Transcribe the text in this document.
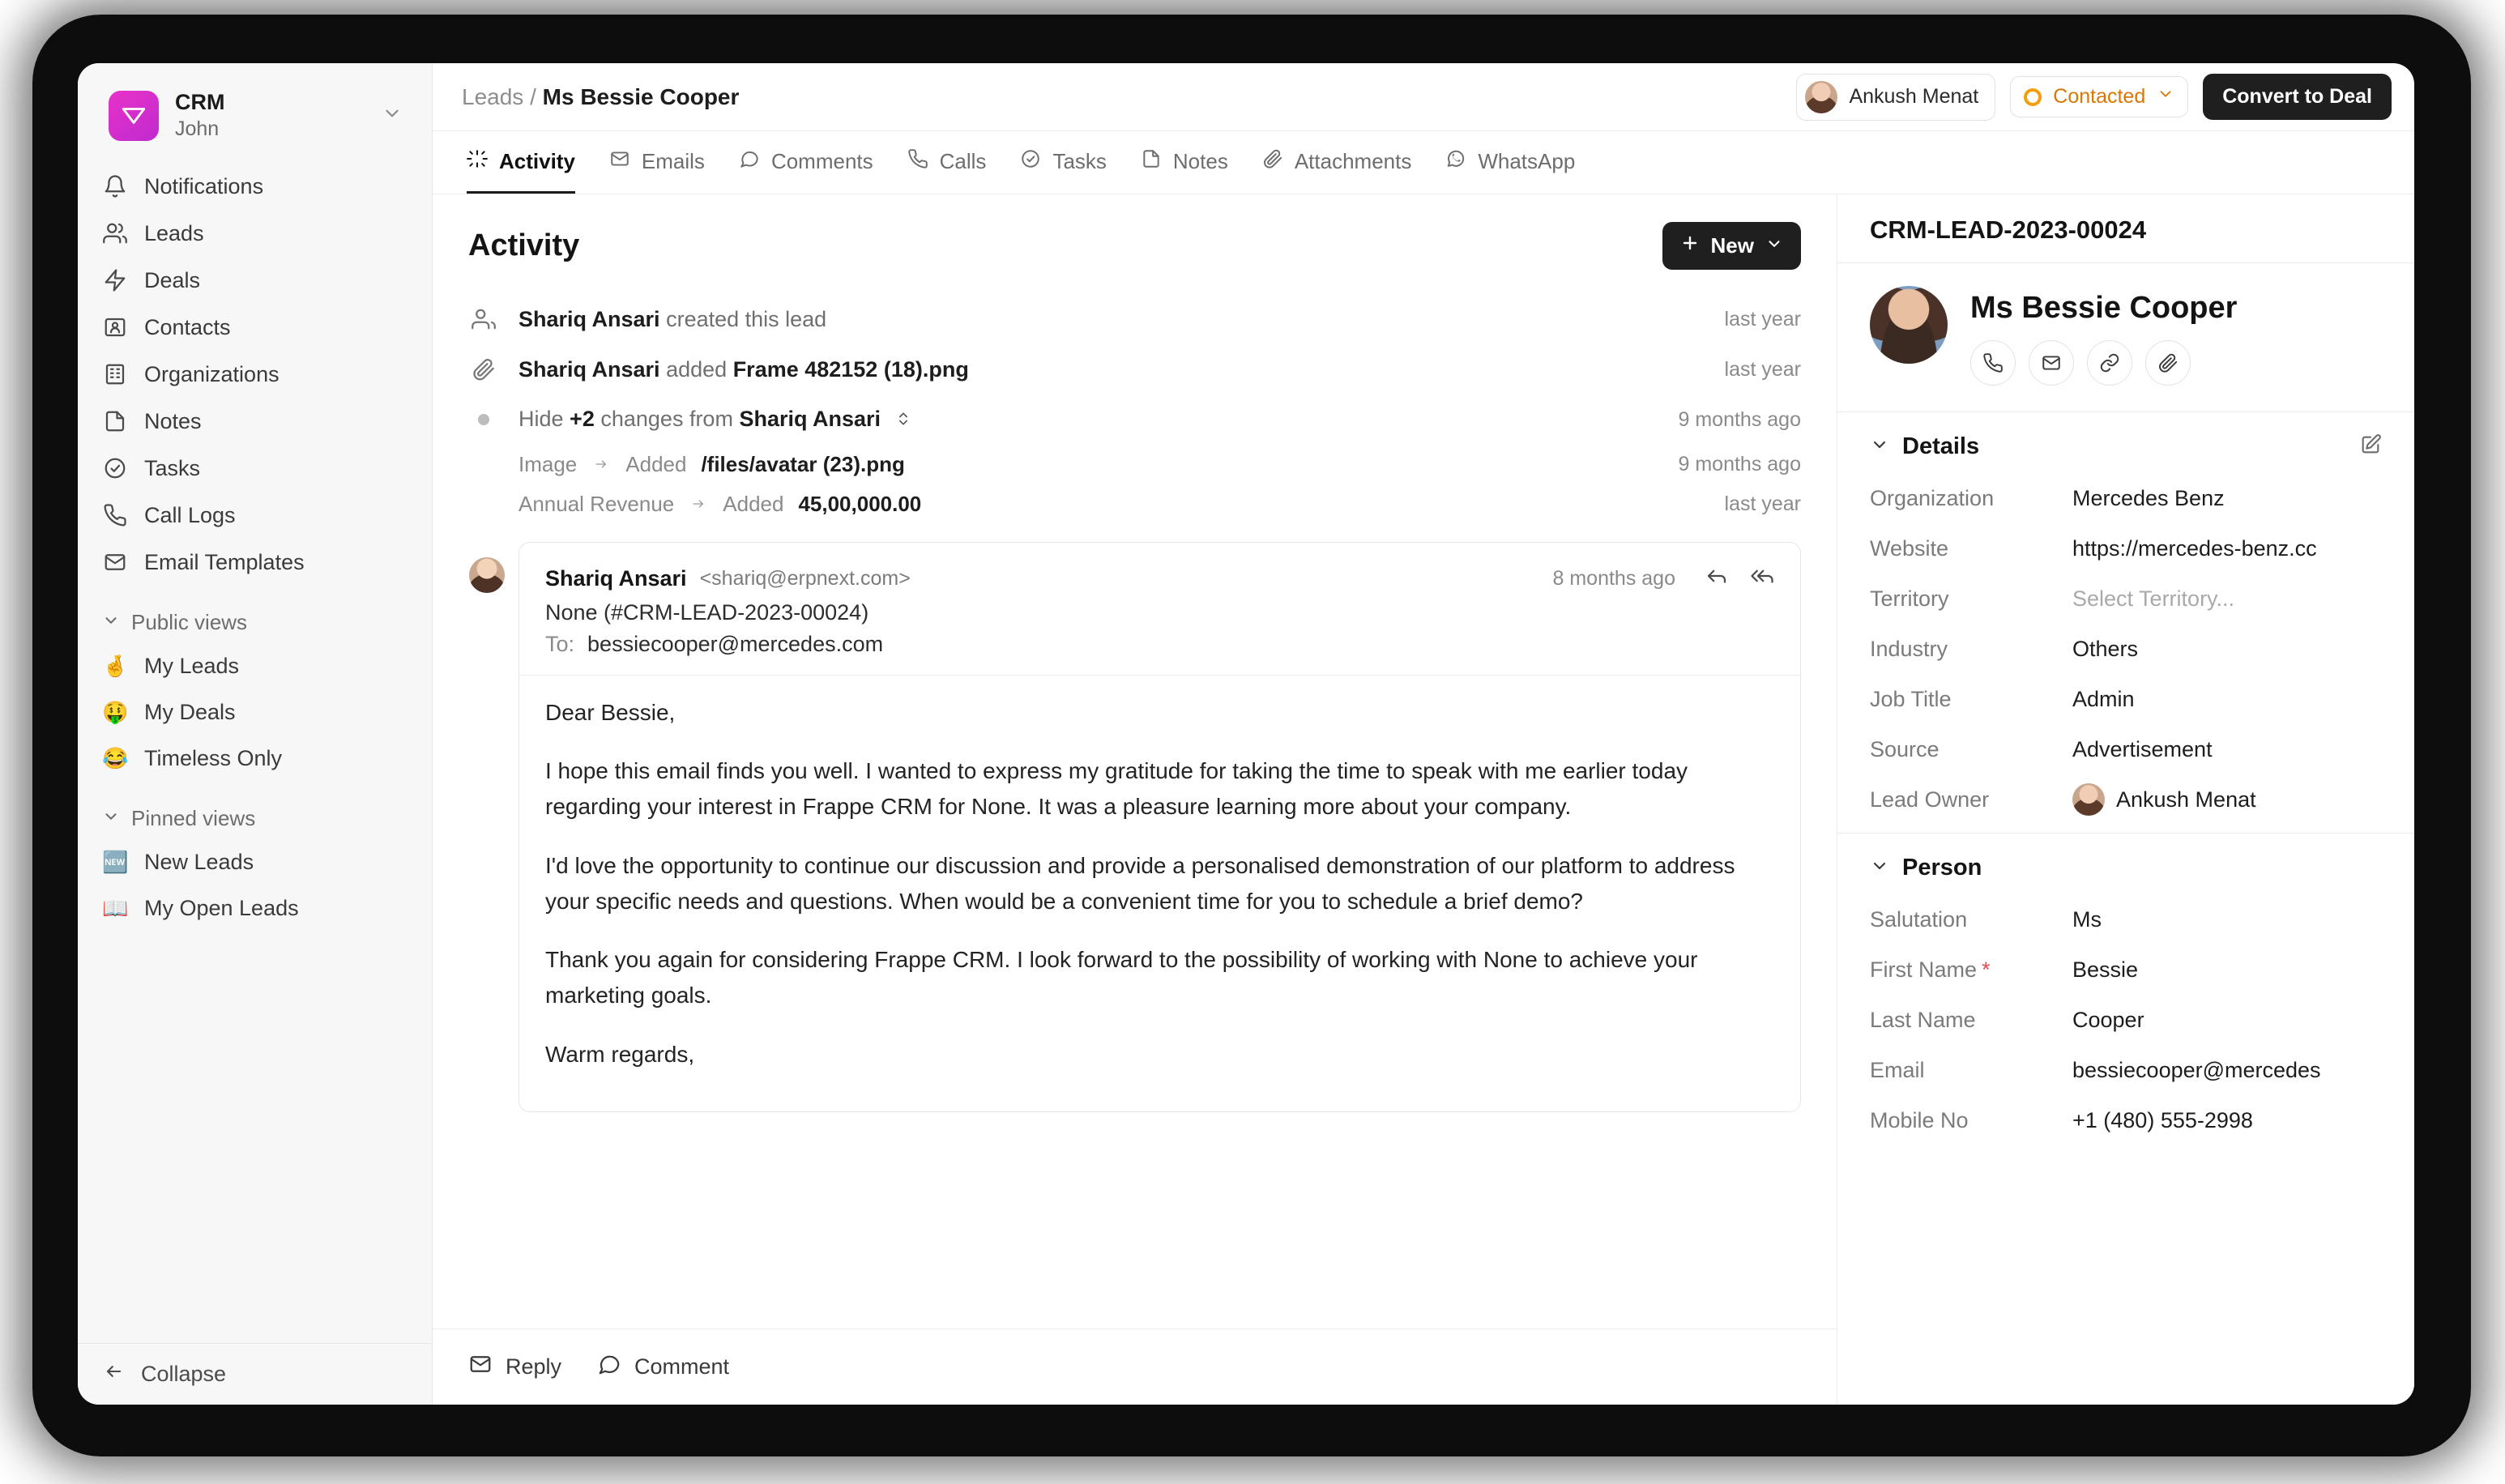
CRM
John
Notifications
Leads
Deals
Contacts
Organizations
Notes
Tasks
Call Logs
Email Templates
Public views
🤞 My Leads
🤑 My Deals
😂 Timeless Only
Pinned views
🆕 New Leads
📖 My Open Leads
Collapse
Leads / Ms Bessie Cooper	Ankush Menat	Contacted	Convert to Deal
Activity	Emails	Comments	Calls	Tasks	Notes	Attachments	WhatsApp
Activity	New
Shariq Ansari created this lead	last year
Shariq Ansari added Frame 482152 (18).png	last year
Hide +2 changes from Shariq Ansari	9 months ago
Image Added /files/avatar (23).png	9 months ago
Annual Revenue Added 45,00,000.00	last year
Shariq Ansari <shariq@erpnext.com>	8 months ago
None (#CRM-LEAD-2023-00024)
To: bessiecooper@mercedes.com

Dear Bessie,

I hope this email finds you well. I wanted to express my gratitude for taking the time to speak with me earlier today regarding your interest in Frappe CRM for None. It was a pleasure learning more about your company.

I'd love the opportunity to continue our discussion and provide a personalised demonstration of our platform to address your specific needs and questions. When would be a convenient time for you to schedule a brief demo?

Thank you again for considering Frappe CRM. I look forward to the possibility of working with None to achieve your marketing goals.

Warm regards,

Reply	Comment
CRM-LEAD-2023-00024
Ms Bessie Cooper
Details
Organization	Mercedes Benz
Website	https://mercedes-benz.cc
Territory	Select Territory...
Industry	Others
Job Title	Admin
Source	Advertisement
Lead Owner	Ankush Menat
Person
Salutation	Ms
First Name *	Bessie
Last Name	Cooper
Email	bessiecooper@mercedes
Mobile No	+1 (480) 555-2998
